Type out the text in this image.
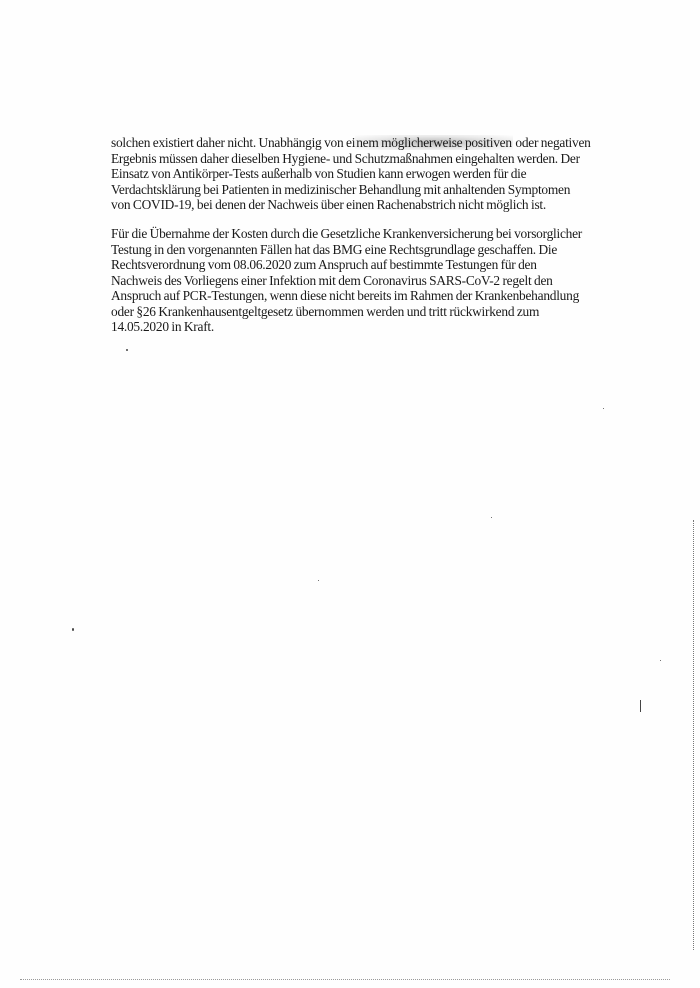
solchen existiert daher nicht. Unabhängig von einem möglicherweise positiven oder negativen
Ergebnis müssen daher dieselben Hygiene- und Schutzmaßnahmen eingehalten werden. Der
Einsatz von Antikörper-Tests außerhalb von Studien kann erwogen werden für die
Verdachtsklärung bei Patienten in medizinischer Behandlung mit anhaltenden Symptomen
von COVID-19, bei denen der Nachweis über einen Rachenabstrich nicht möglich ist.
Für die Übernahme der Kosten durch die Gesetzliche Krankenversicherung bei vorsorglicher
Testung in den vorgenannten Fällen hat das BMG eine Rechtsgrundlage geschaffen. Die
Rechtsverordnung vom 08.06.2020 zum Anspruch auf bestimmte Testungen für den
Nachweis des Vorliegens einer Infektion mit dem Coronavirus SARS-CoV-2 regelt den
Anspruch auf PCR-Testungen, wenn diese nicht bereits im Rahmen der Krankenbehandlung
oder §26 Krankenhausentgeltgesetz übernommen werden und tritt rückwirkend zum
14.05.2020 in Kraft.
